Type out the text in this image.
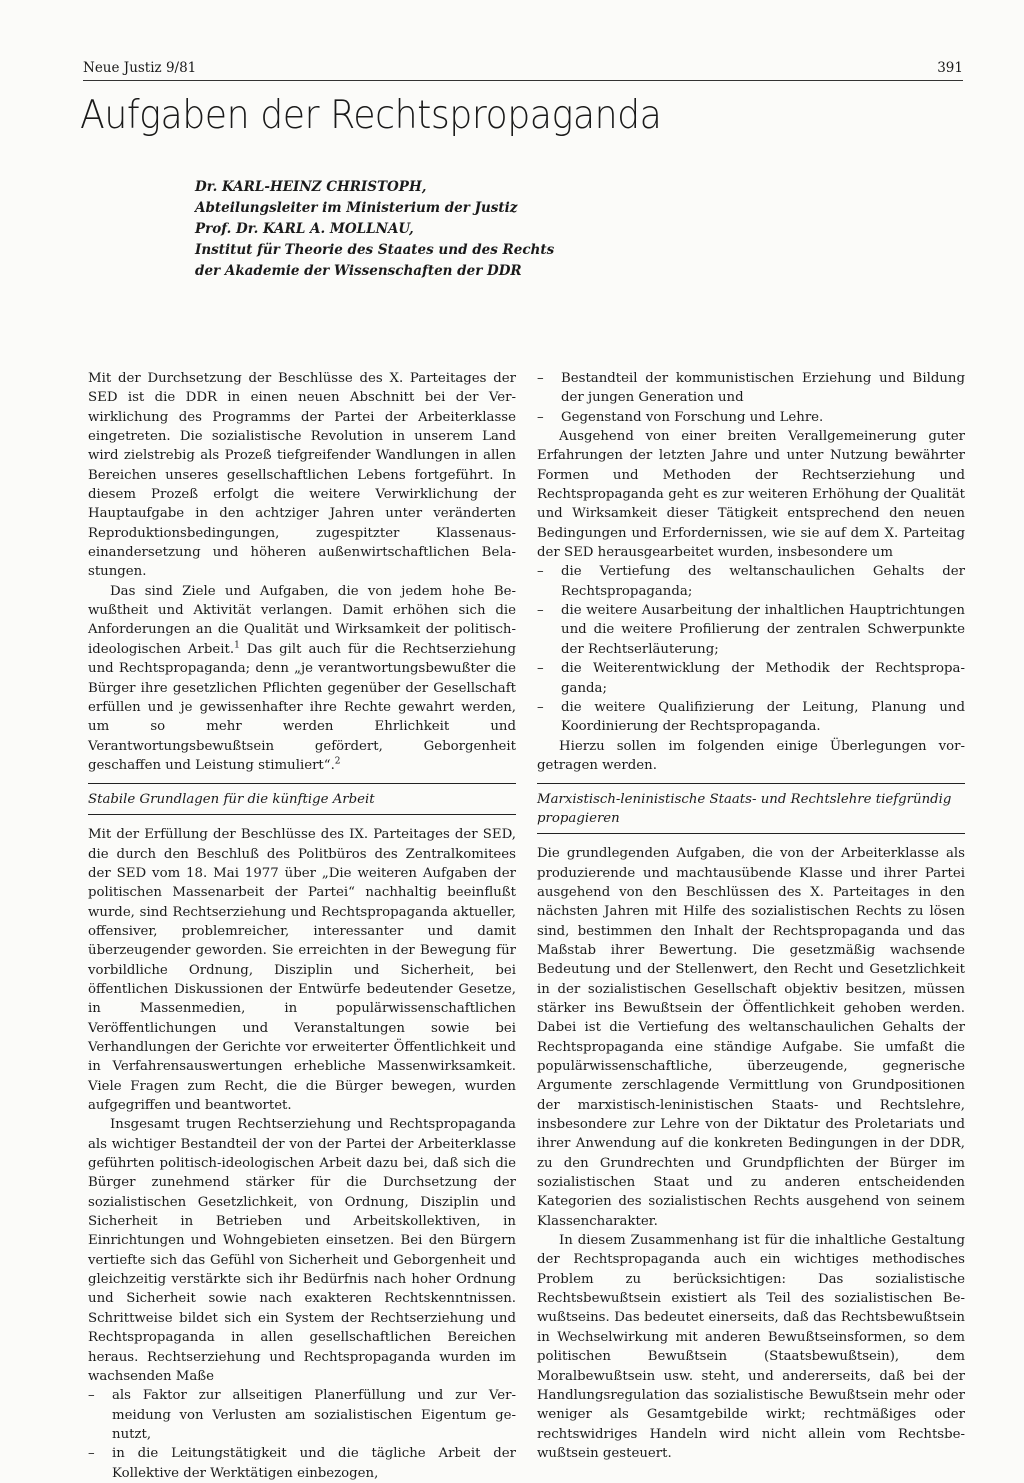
Neue Justiz 9/81	391
Aufgaben der Rechtspropaganda
Dr. KARL-HEINZ CHRISTOPH,
Abteilungsleiter im Ministerium der Justiz
Prof. Dr. KARL A. MOLLNAU,
Institut für Theorie des Staates und des Rechts
der Akademie der Wissenschaften der DDR

Mit der Durchsetzung der Beschlüsse des X. Parteitages der SED ist die DDR in einen neuen Abschnitt bei der Verwirklichung des Programms der Partei der Arbeiterklasse eingetreten. Die sozialistische Revolution in unserem Land wird zielstrebig als Prozeß tiefgreifender Wandlungen in allen Bereichen unseres gesellschaftlichen Lebens fortgeführt. In diesem Prozeß erfolgt die weitere Verwirklichung der Hauptaufgabe in den achtziger Jahren unter veränderten Reproduktionsbedingungen, zugespitzter Klassenauseinandersetzung und höheren außenwirtschaftlichen Belastungen.

Das sind Ziele und Aufgaben, die von jedem hohe Bewußtheit und Aktivität verlangen. Damit erhöhen sich die Anforderungen an die Qualität und Wirksamkeit der politisch-ideologischen Arbeit.$^1$ Das gilt auch für die Rechtserziehung und Rechtspropaganda; denn „je verantwortungsbewußter die Bürger ihre gesetzlichen Pflichten gegenüber der Gesellschaft erfüllen und je gewissenhafter ihre Rechte gewahrt werden, um so mehr werden Ehrlichkeit und Verantwortungsbewußtsein gefördert, Geborgenheit geschaffen und Leistung stimuliert“.$^2$

Stabile Grundlagen für die künftige Arbeit

Mit der Erfüllung der Beschlüsse des IX. Parteitages der SED, die durch den Beschluß des Politbüros des Zentralkomitees der SED vom 18. Mai 1977 über „Die weiteren Aufgaben der politischen Massenarbeit der Partei“ nachhaltig beeinflußt wurde, sind Rechtserziehung und Rechtspropaganda aktueller, offensiver, problemreicher, interessanter und damit überzeugender geworden. Sie erreichten in der Bewegung für vorbildliche Ordnung, Disziplin und Sicherheit, bei öffentlichen Diskussionen der Entwürfe bedeutender Gesetze, in Massenmedien, in populärwissenschaftlichen Veröffentlichungen und Veranstaltungen sowie bei Verhandlungen der Gerichte vor erweiterter Öffentlichkeit und in Verfahrensauswertungen erhebliche Massenwirksamkeit. Viele Fragen zum Recht, die die Bürger bewegen, wurden aufgegriffen und beantwortet.

Insgesamt trugen Rechtserziehung und Rechtspropaganda als wichtiger Bestandteil der von der Partei der Arbeiterklasse geführten politisch-ideologischen Arbeit dazu bei, daß sich die Bürger zunehmend stärker für die Durchsetzung der sozialistischen Gesetzlichkeit, von Ordnung, Disziplin und Sicherheit in Betrieben und Arbeitskollektiven, in Einrichtungen und Wohngebieten einsetzen. Bei den Bürgern vertiefte sich das Gefühl von Sicherheit und Geborgenheit und gleichzeitig verstärkte sich ihr Bedürfnis nach hoher Ordnung und Sicherheit sowie nach exakteren Rechtskenntnissen. Schrittweise bildet sich ein System der Rechtserziehung und Rechtspropaganda in allen gesellschaftlichen Bereichen heraus. Rechtserziehung und Rechtspropaganda wurden im wachsenden Maße

– als Faktor zur allseitigen Planerfüllung und zur Vermeidung von Verlusten am sozialistischen Eigentum genutzt,
– in die Leitungstätigkeit und die tägliche Arbeit der Kollektive der Werktätigen einbezogen,
– Bestandteil der kommunistischen Erziehung und Bildung der jungen Generation und
– Gegenstand von Forschung und Lehre.

Ausgehend von einer breiten Verallgemeinerung guter Erfahrungen der letzten Jahre und unter Nutzung bewährter Formen und Methoden der Rechtserziehung und Rechtspropaganda geht es zur weiteren Erhöhung der Qualität und Wirksamkeit dieser Tätigkeit entsprechend den neuen Bedingungen und Erfordernissen, wie sie auf dem X. Parteitag der SED herausgearbeitet wurden, insbesondere um

– die Vertiefung des weltanschaulichen Gehalts der Rechtspropaganda;
– die weitere Ausarbeitung der inhaltlichen Hauptrichtungen und die weitere Profilierung der zentralen Schwerpunkte der Rechtserläuterung;
– die Weiterentwicklung der Methodik der Rechtspropaganda;
– die weitere Qualifizierung der Leitung, Planung und Koordinierung der Rechtspropaganda.

Hierzu sollen im folgenden einige Überlegungen vorgetragen werden.

Marxistisch-leninistische Staats- und Rechtslehre tiefgründig propagieren

Die grundlegenden Aufgaben, die von der Arbeiterklasse als produzierende und machtausübende Klasse und ihrer Partei ausgehend von den Beschlüssen des X. Parteitages in den nächsten Jahren mit Hilfe des sozialistischen Rechts zu lösen sind, bestimmen den Inhalt der Rechtspropaganda und das Maßstab ihrer Bewertung. Die gesetzmäßig wachsende Bedeutung und der Stellenwert, den Recht und Gesetzlichkeit in der sozialistischen Gesellschaft objektiv besitzen, müssen stärker ins Bewußtsein der Öffentlichkeit gehoben werden. Dabei ist die Vertiefung des weltanschaulichen Gehalts der Rechtspropaganda eine ständige Aufgabe. Sie umfaßt die populärwissenschaftliche, überzeugende, gegnerische Argumente zerschlagende Vermittlung von Grundpositionen der marxistisch-leninistischen Staats- und Rechtslehre, insbesondere zur Lehre von der Diktatur des Proletariats und ihrer Anwendung auf die konkreten Bedingungen in der DDR, zu den Grundrechten und Grundpflichten der Bürger im sozialistischen Staat und zu anderen entscheidenden Kategorien des sozialistischen Rechts ausgehend von seinem Klassencharakter.

In diesem Zusammenhang ist für die inhaltliche Gestaltung der Rechtspropaganda auch ein wichtiges methodisches Problem zu berücksichtigen: Das sozialistische Rechtsbewußtsein existiert als Teil des sozialistischen Bewußtseins. Das bedeutet einerseits, daß das Rechtsbewußtsein in Wechselwirkung mit anderen Bewußtseinsformen, so dem politischen Bewußtsein (Staatsbewußtsein), dem Moralbewußtsein usw. steht, und andererseits, daß bei der Handlungsregulation das sozialistische Bewußtsein mehr oder weniger als Gesamtgebilde wirkt; rechtmäßiges oder rechtswidriges Handeln wird nicht allein vom Rechtsbewußtsein gesteuert.
